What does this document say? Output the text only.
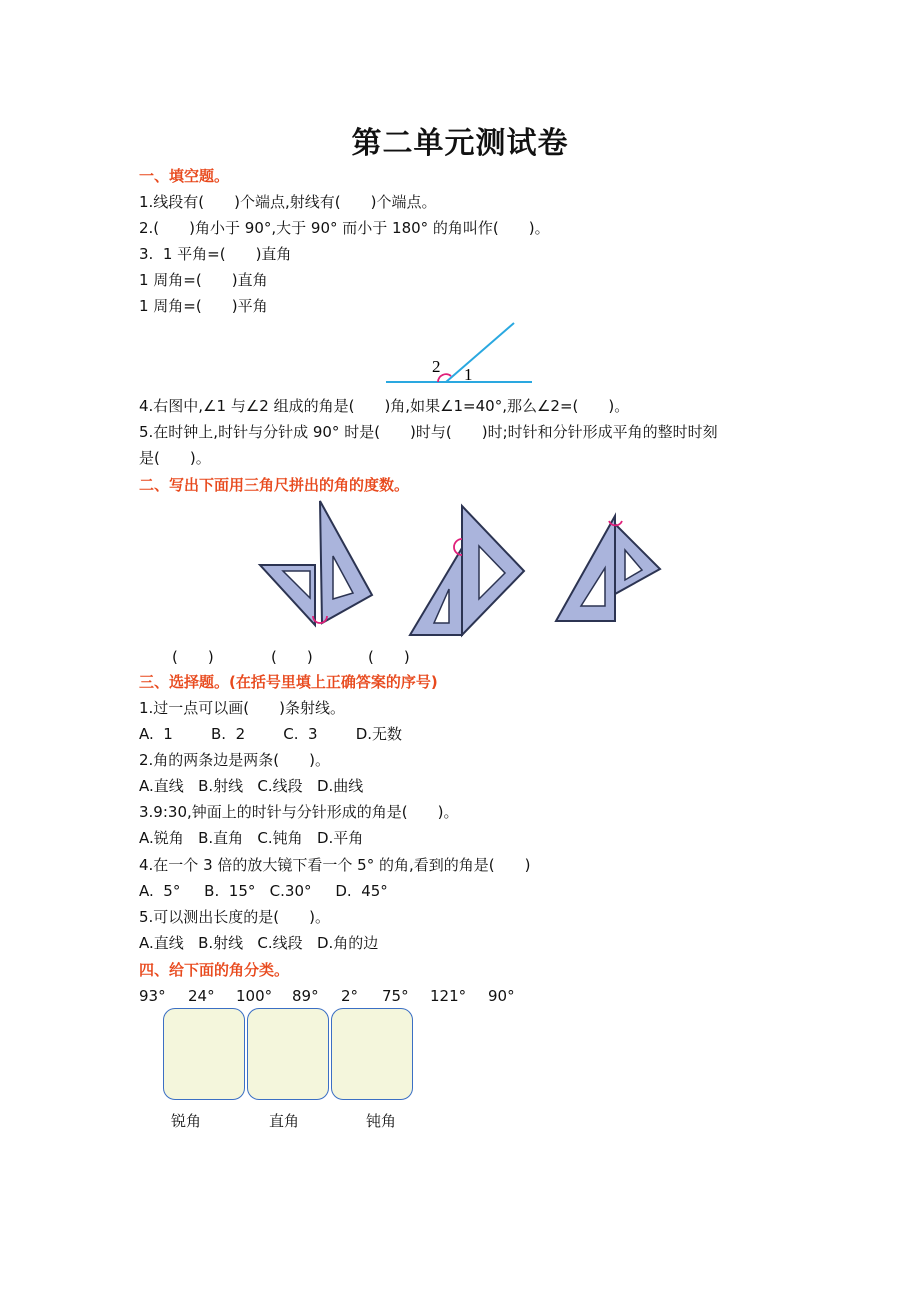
第二单元测试卷
一、填空题。
1.线段有(　　)个端点,射线有(　　)个端点。
2.(　　)角小于 90°,大于 90° 而小于 180° 的角叫作(　　)。
3.  1 平角=(　　)直角
1 周角=(　　)直角
1 周角=(　　)平角
2 1
4.右图中,∠1 与∠2 组成的角是(　　)角,如果∠1=40°,那么∠2=(　　)。
5.在时钟上,时针与分针成 90° 时是(　　)时与(　　)时;时针和分针形成平角的整时时刻
是(　　)。
二、写出下面用三角尺拼出的角的度数。
(　　)	(　　)	(　　)
三、选择题。(在括号里填上正确答案的序号)
1.过一点可以画(　　)条射线。
A.  1        B.  2        C.  3        D.无数
2.角的两条边是两条(　　)。
A.直线   B.射线   C.线段   D.曲线
3.9:30,钟面上的时针与分针形成的角是(　　)。
A.锐角   B.直角   C.钝角   D.平角
4.在一个 3 倍的放大镜下看一个 5° 的角,看到的角是(　　)
A.  5°     B.  15°   C.30°     D.  45°
5.可以测出长度的是(　　)。
A.直线   B.射线   C.线段   D.角的边
四、给下面的角分类。
93° 24° 100° 89° 2° 75° 121° 90°
锐角	直角	钝角
